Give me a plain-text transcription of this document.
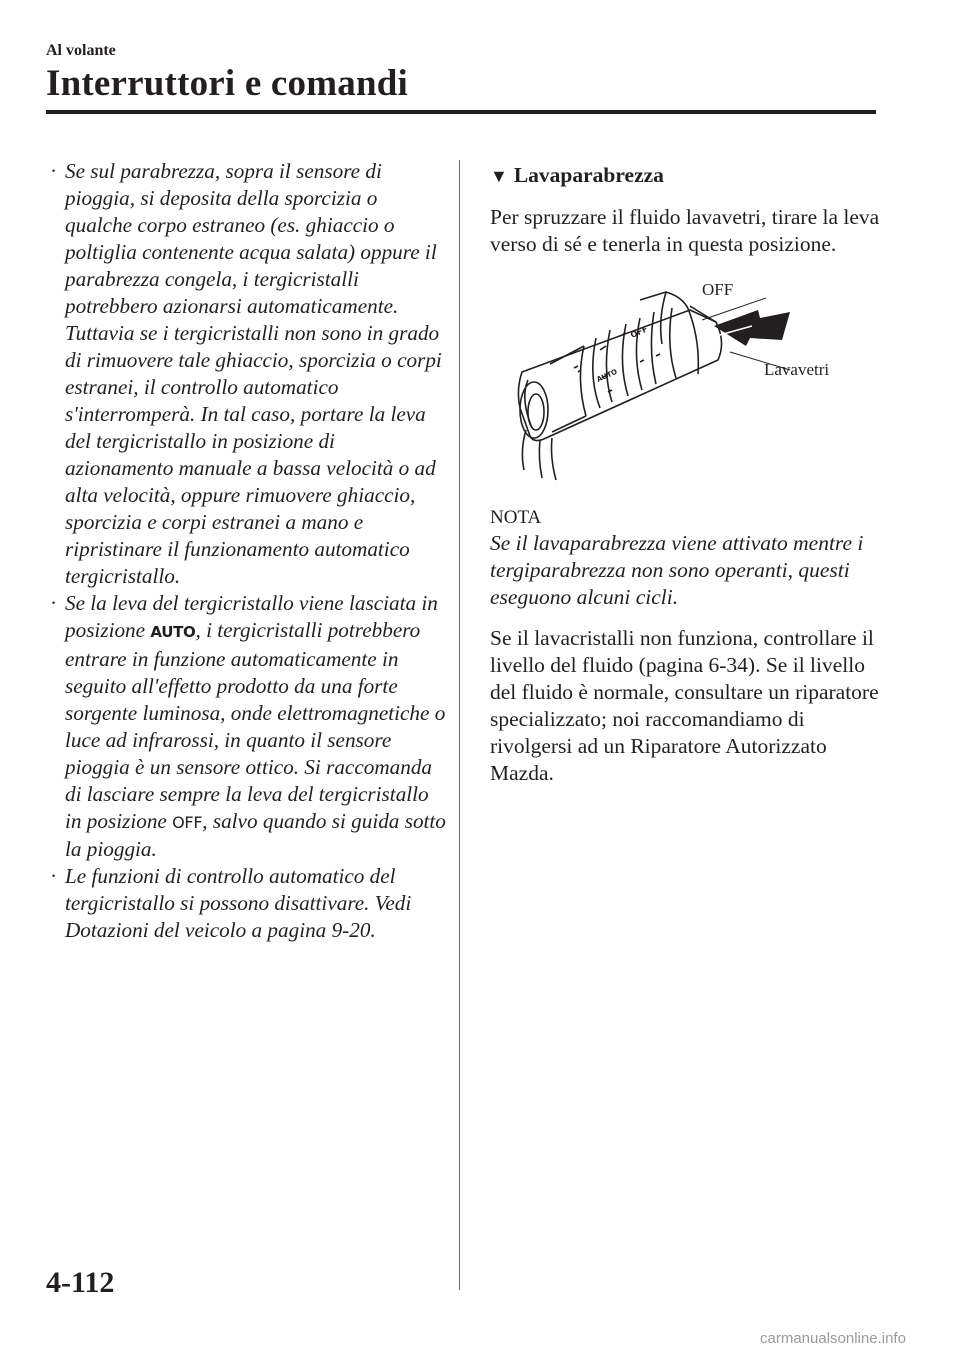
Al volante
Interruttori e comandi

· Se sul parabrezza, sopra il sensore di pioggia, si deposita della sporcizia o qualche corpo estraneo (es. ghiaccio o poltiglia contenente acqua salata) oppure il parabrezza congela, i tergicristalli potrebbero azionarsi automaticamente. Tuttavia se i tergicristalli non sono in grado di rimuovere tale ghiaccio, sporcizia o corpi estranei, il controllo automatico s'interromperà. In tal caso, portare la leva del tergicristallo in posizione di azionamento manuale a bassa velocità o ad alta velocità, oppure rimuovere ghiaccio, sporcizia e corpi estranei a mano e ripristinare il funzionamento automatico tergicristallo.

· Se la leva del tergicristallo viene lasciata in posizione AUTO, i tergicristalli potrebbero entrare in funzione automaticamente in seguito all'effetto prodotto da una forte sorgente luminosa, onde elettromagnetiche o luce ad infrarossi, in quanto il sensore pioggia è un sensore ottico. Si raccomanda di lasciare sempre la leva del tergicristallo in posizione OFF, salvo quando si guida sotto la pioggia.

· Le funzioni di controllo automatico del tergicristallo si possono disattivare. Vedi Dotazioni del veicolo a pagina 9-20.

▼ Lavaparabrezza

Per spruzzare il fluido lavavetri, tirare la leva verso di sé e tenerla in questa posizione.

OFF
AUTO
OFF
Lavavetri

NOTA

Se il lavaparabrezza viene attivato mentre i tergiparabrezza non sono operanti, questi eseguono alcuni cicli.

Se il lavacristalli non funziona, controllare il livello del fluido (pagina 6-34). Se il livello del fluido è normale, consultare un riparatore specializzato; noi raccomandiamo di rivolgersi ad un Riparatore Autorizzato Mazda.

4-112
carmanualsonline.info
